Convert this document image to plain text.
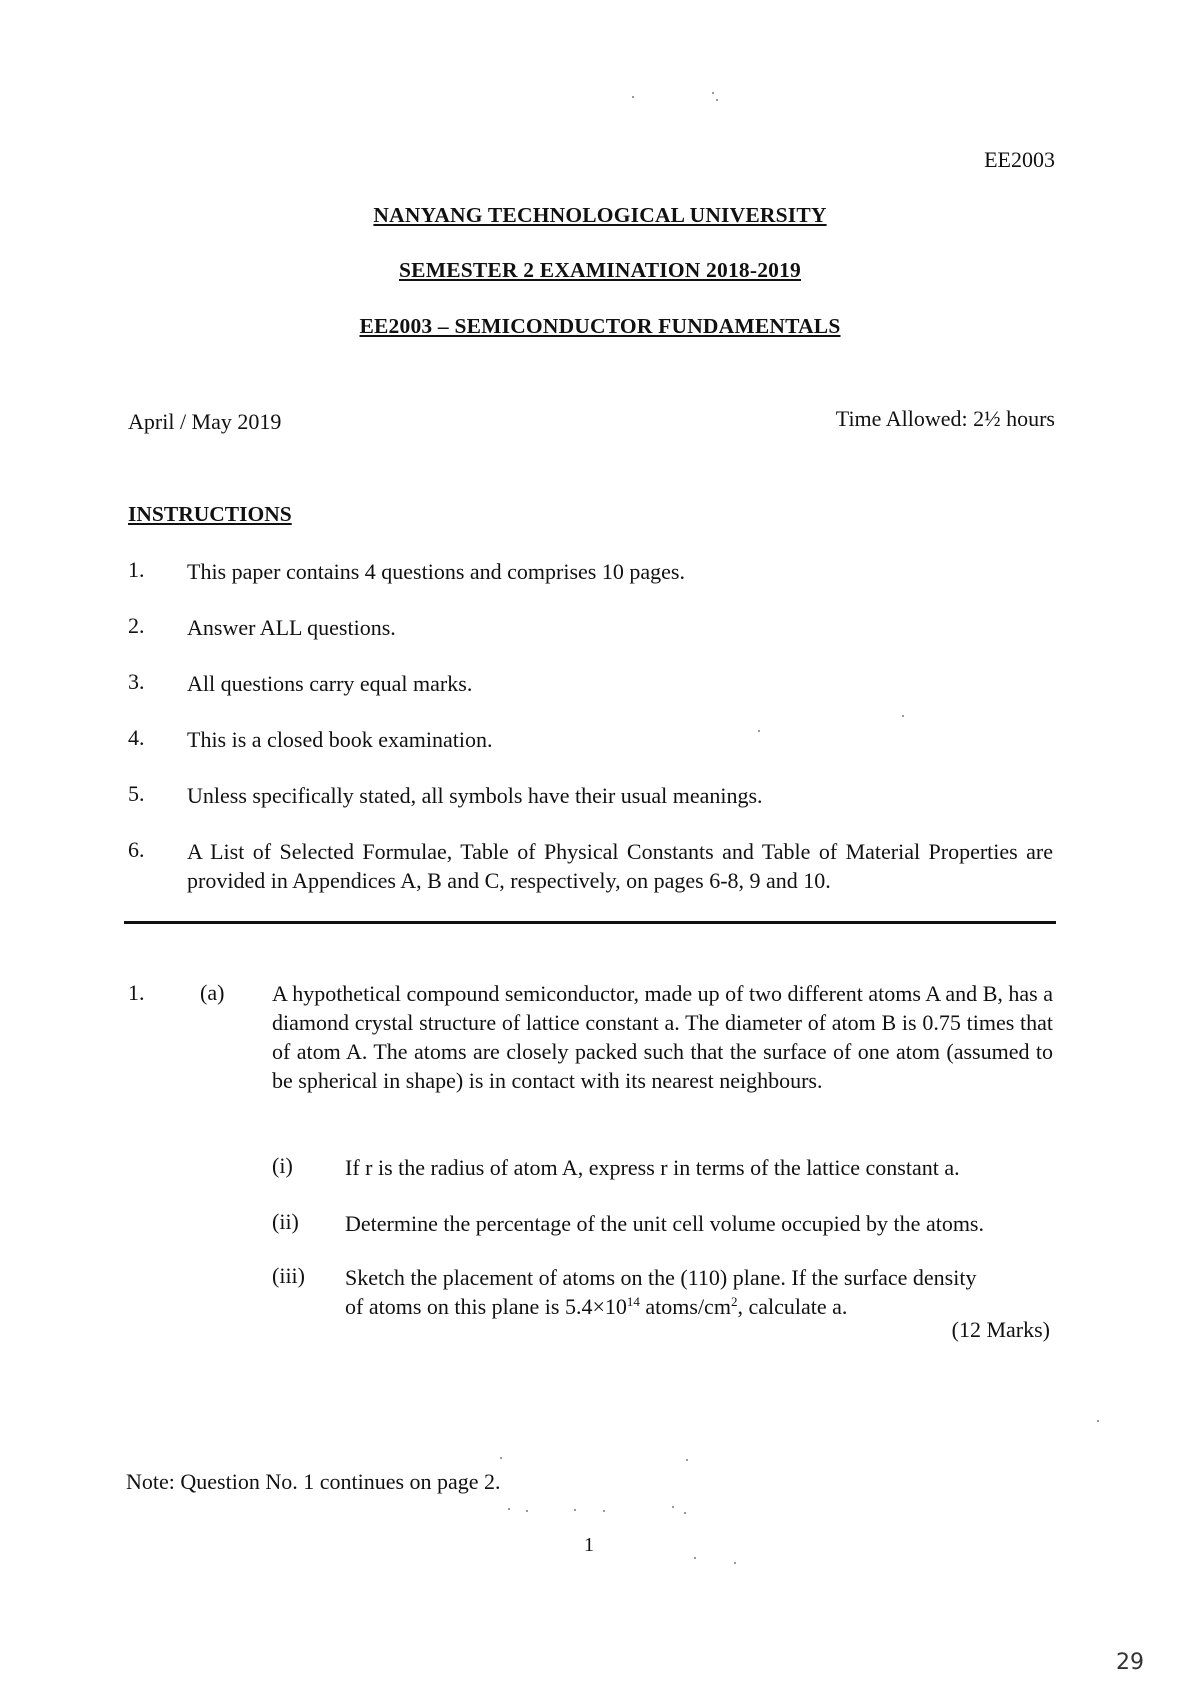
EE2003
NANYANG TECHNOLOGICAL UNIVERSITY
SEMESTER 2 EXAMINATION 2018-2019
EE2003 – SEMICONDUCTOR FUNDAMENTALS
April / May 2019	Time Allowed: 2½ hours
INSTRUCTIONS
1.	This paper contains 4 questions and comprises 10 pages.
2.	Answer ALL questions.
3.	All questions carry equal marks.
4.	This is a closed book examination.
5.	Unless specifically stated, all symbols have their usual meanings.
6.	A List of Selected Formulae, Table of Physical Constants and Table of Material Properties are provided in Appendices A, B and C, respectively, on pages 6-8, 9 and 10.
1.	(a) A hypothetical compound semiconductor, made up of two different atoms A and B, has a diamond crystal structure of lattice constant a. The diameter of atom B is 0.75 times that of atom A. The atoms are closely packed such that the surface of one atom (assumed to be spherical in shape) is in contact with its nearest neighbours.
(i)	If r is the radius of atom A, express r in terms of the lattice constant a.
(ii)	Determine the percentage of the unit cell volume occupied by the atoms.
(iii)	Sketch the placement of atoms on the (110) plane. If the surface density
of atoms on this plane is $5.4\times 10^{14}$ atoms/$cm^2$, calculate a.
(12 Marks)
Note: Question No. 1 continues on page 2.
1
29
